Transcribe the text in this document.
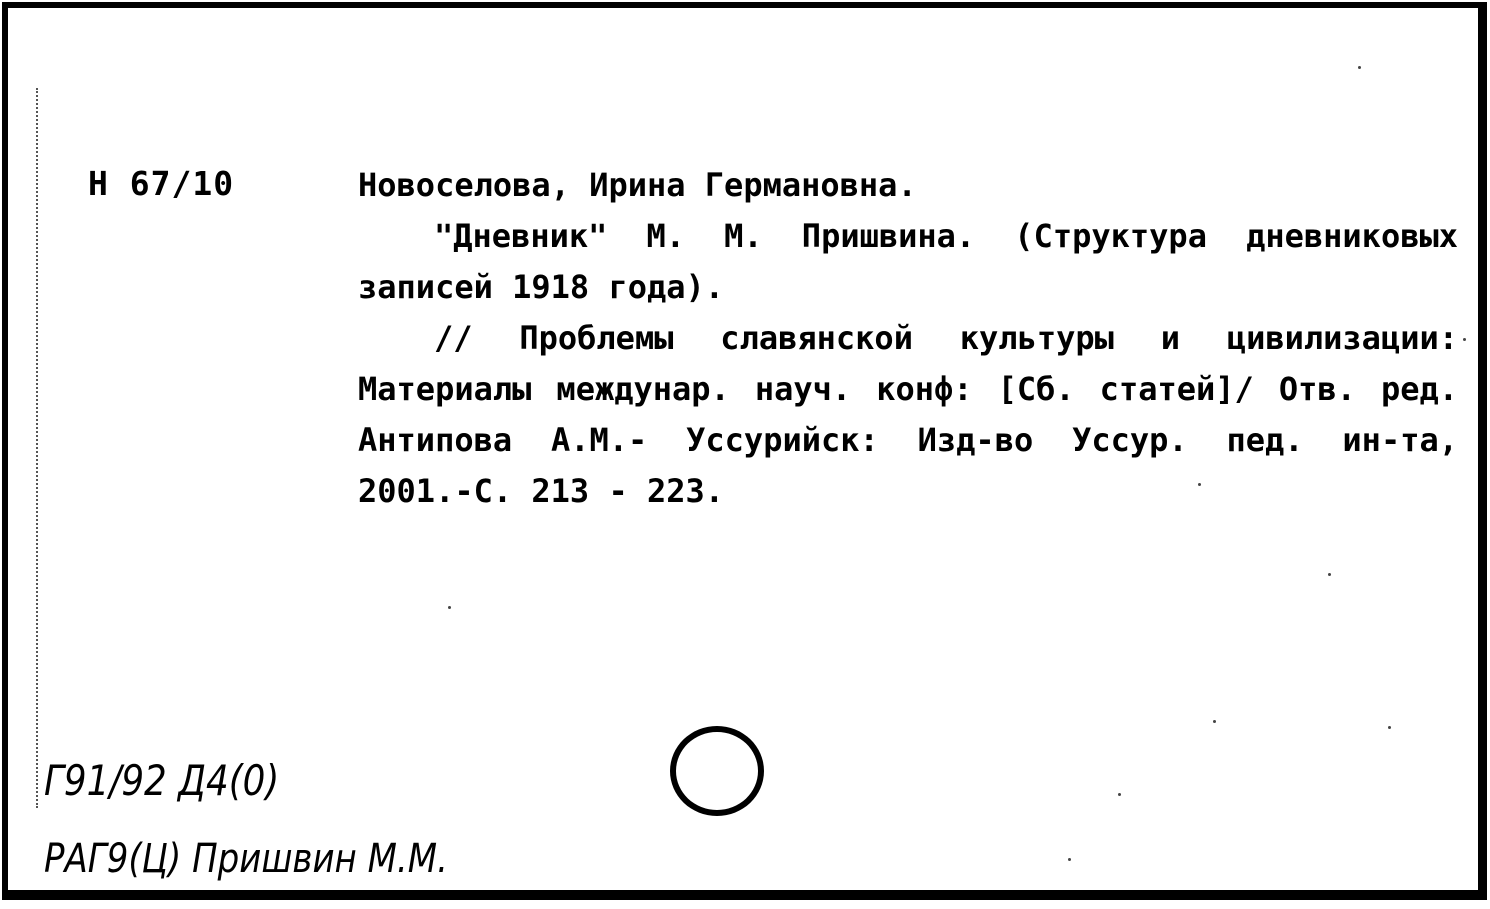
Н 67/10	Новоселова, Ирина Германовна.

"Дневник" М. М. Пришвина. (Структура дневниковых записей 1918 года).

// Проблемы славянской культуры и цивилизации: Материалы междунар. науч. конф: [Сб. статей]/ Отв. ред. Антипова А.М.- Уссурийск: Изд-во Уссур. пед. ин-та, 2001.-С. 213 - 223.

Г91/92 Д4(0)
РАГ9(Ц) Пришвин М.М.
